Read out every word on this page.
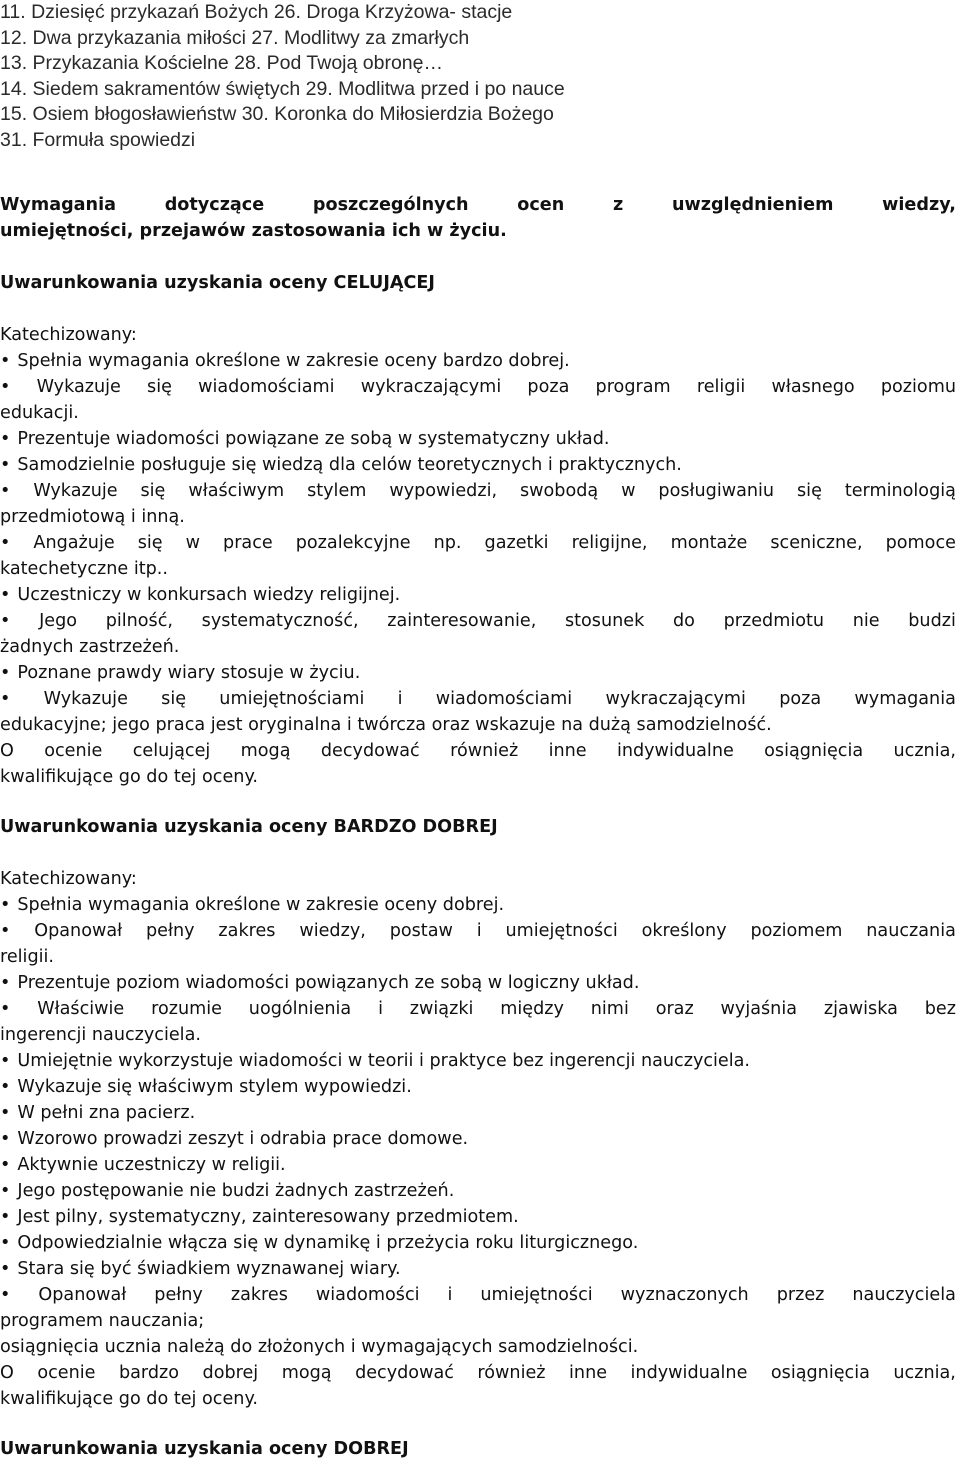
11. Dziesięć przykazań Bożych 26. Droga Krzyżowa- stacje
12. Dwa przykazania miłości 27. Modlitwy za zmarłych
13. Przykazania Kościelne 28. Pod Twoją obronę…
14. Siedem sakramentów świętych 29. Modlitwa przed i po nauce
15. Osiem błogosławieństw 30. Koronka do Miłosierdzia Bożego
31. Formuła spowiedzi
Wymagania	dotyczące	poszczególnych	ocen	z	uwzględnieniem	wiedzy,
umiejętności, przejawów zastosowania ich w życiu.
Uwarunkowania uzyskania oceny CELUJĄCEJ
Katechizowany:
• Spełnia wymagania określone w zakresie oceny bardzo dobrej.
• Wykazuje się wiadomościami wykraczającymi poza program religii własnego poziomu
edukacji.
• Prezentuje wiadomości powiązane ze sobą w systematyczny układ.
• Samodzielnie posługuje się wiedzą dla celów teoretycznych i praktycznych.
• Wykazuje się właściwym stylem wypowiedzi, swobodą w posługiwaniu się terminologią
przedmiotową i inną.
• Angażuje się w prace pozalekcyjne np. gazetki religijne, montaże sceniczne, pomoce
katechetyczne itp..
• Uczestniczy w konkursach wiedzy religijnej.
• Jego pilność, systematyczność, zainteresowanie, stosunek do przedmiotu nie budzi
żadnych zastrzeżeń.
• Poznane prawdy wiary stosuje w życiu.
• Wykazuje się umiejętnościami i wiadomościami wykraczającymi poza wymagania
edukacyjne; jego praca jest oryginalna i twórcza oraz wskazuje na dużą samodzielność.
O ocenie celującej mogą decydować również inne indywidualne osiągnięcia ucznia,
kwalifikujące go do tej oceny.
Uwarunkowania uzyskania oceny BARDZO DOBREJ
Katechizowany:
• Spełnia wymagania określone w zakresie oceny dobrej.
• Opanował pełny zakres wiedzy, postaw i umiejętności określony poziomem nauczania
religii.
• Prezentuje poziom wiadomości powiązanych ze sobą w logiczny układ.
• Właściwie rozumie uogólnienia i związki między nimi oraz wyjaśnia zjawiska bez
ingerencji nauczyciela.
• Umiejętnie wykorzystuje wiadomości w teorii i praktyce bez ingerencji nauczyciela.
• Wykazuje się właściwym stylem wypowiedzi.
• W pełni zna pacierz.
• Wzorowo prowadzi zeszyt i odrabia prace domowe.
• Aktywnie uczestniczy w religii.
• Jego postępowanie nie budzi żadnych zastrzeżeń.
• Jest pilny, systematyczny, zainteresowany przedmiotem.
• Odpowiedzialnie włącza się w dynamikę i przeżycia roku liturgicznego.
• Stara się być świadkiem wyznawanej wiary.
• Opanował pełny zakres wiadomości i umiejętności wyznaczonych przez nauczyciela
programem nauczania;
osiągnięcia ucznia należą do złożonych i wymagających samodzielności.
O ocenie bardzo dobrej mogą decydować również inne indywidualne osiągnięcia ucznia,
kwalifikujące go do tej oceny.
Uwarunkowania uzyskania oceny DOBREJ
